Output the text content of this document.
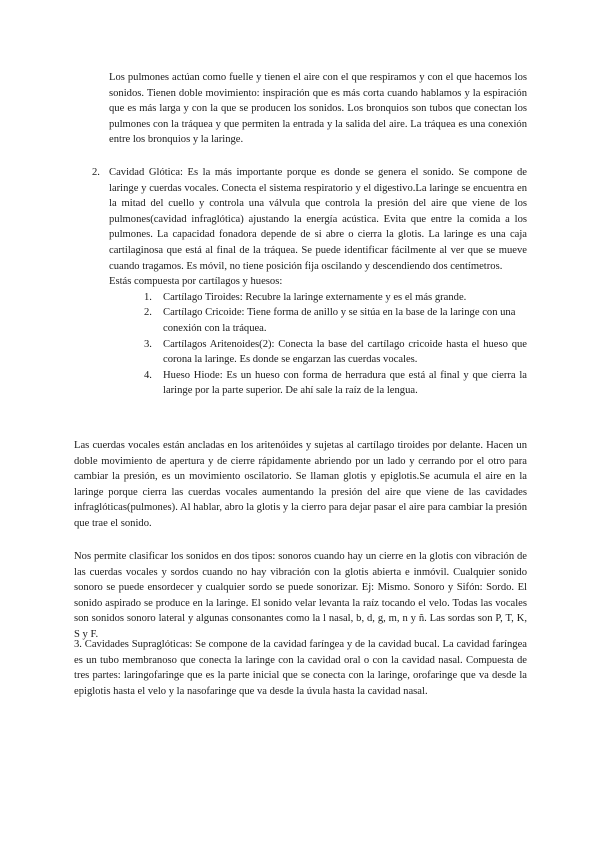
Los pulmones actúan como fuelle y tienen el aire con el que respiramos y con el que hacemos los sonidos. Tienen doble movimiento: inspiración que es más corta cuando hablamos y la espiración que es más larga y con la que se producen los sonidos. Los bronquios son tubos que conectan los pulmones con la tráquea y que permiten la entrada y la salida del aire. La tráquea es una conexión entre los bronquios y la laringe.

2. Cavidad Glótica: Es la más importante porque es donde se genera el sonido. Se compone de laringe y cuerdas vocales. Conecta el sistema respiratorio y el digestivo.La laringe se encuentra en la mitad del cuello y controla una válvula que controla la presión del aire que viene de los pulmones(cavidad infraglótica) ajustando la energía acústica. Evita que entre la comida a los pulmones. La capacidad fonadora depende de si abre o cierra la glotis. La laringe es una caja cartilaginosa que está al final de la tráquea. Se puede identificar fácilmente al ver que se mueve cuando tragamos. Es móvil, no tiene posición fija oscilando y descendiendo dos centímetros.

Estás compuesta por cartílagos y huesos:

1. Cartílago Tiroides: Recubre la laringe externamente y es el más grande.

2. Cartílago Cricoide: Tiene forma de anillo y se sitúa en la base de la laringe con una conexión con la tráquea.

3. Cartílagos Aritenoides(2): Conecta la base del cartílago cricoide hasta el hueso que corona la laringe. Es donde se engarzan las cuerdas vocales.

4. Hueso Hiode: Es un hueso con forma de herradura que está al final y que cierra la laringe por la parte superior. De ahí sale la raíz de la lengua.

Las cuerdas vocales están ancladas en los aritenóides y sujetas al cartílago tiroides por delante. Hacen un doble movimiento de apertura y de cierre rápidamente abriendo por un lado y cerrando por el otro para cambiar la presión, es un movimiento oscilatorio. Se llaman glotis y epiglotis.Se acumula el aire en la laringe porque cierra las cuerdas vocales aumentando la presión del aire que viene de las cavidades infraglóticas(pulmones). Al hablar, abro la glotis y la cierro para dejar pasar el aire para cambiar la presión que trae el sonido.

Nos permite clasificar los sonidos en dos tipos: sonoros cuando hay un cierre en la glotis con vibración de las cuerdas vocales y sordos cuando no hay vibración con la glotis abierta e inmóvil. Cualquier sonido sonoro se puede ensordecer y cualquier sordo se puede sonorizar. Ej: Mismo. Sonoro y Sifón: Sordo. El sonido aspirado se produce en la laringe. El sonido velar levanta la raíz tocando el velo. Todas las vocales son sonidos sonoro lateral y algunas consonantes como la l nasal, b, d, g, m, n y ñ. Las sordas son P, T, K, S y F.

3. Cavidades Supraglóticas: Se compone de la cavidad faríngea y de la cavidad bucal. La cavidad faríngea es un tubo membranoso que conecta la laringe con la cavidad oral o con la cavidad nasal. Compuesta de tres partes: laringofaringe que es la parte inicial que se conecta con la laringe, orofaringe que va desde la epiglotis hasta el velo y la nasofaringe que va desde la úvula hasta la cavidad nasal.
